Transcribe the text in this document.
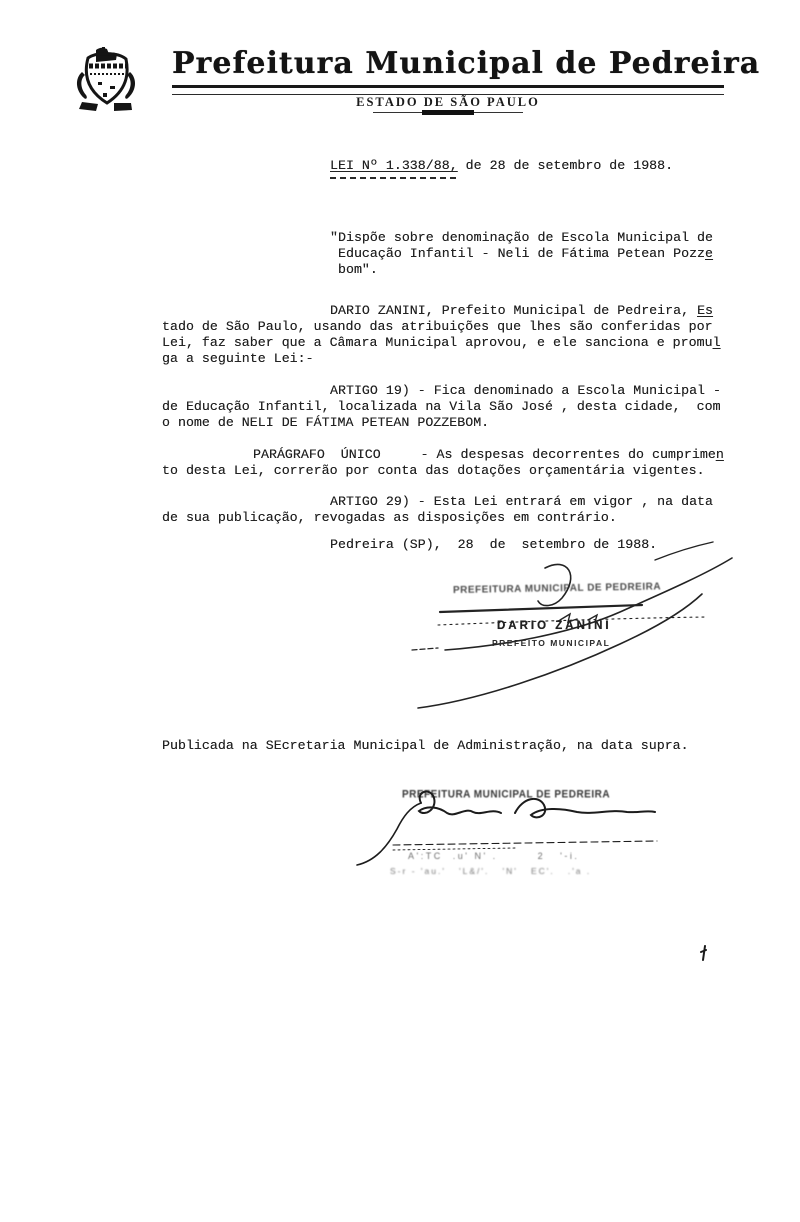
Prefeitura Municipal de Pedreira
ESTADO DE SÃO PAULO
LEI Nº 1.338/88, de 28 de setembro de 1988.
"Dispõe sobre denominação de Escola Municipal de
Educação Infantil - Neli de Fátima Petean Pozze
bom".
DARIO ZANINI, Prefeito Municipal de Pedreira, Es
tado de São Paulo, usando das atribuições que lhes são conferidas por
Lei, faz saber que a Câmara Municipal aprovou, e ele sanciona e promul
ga a seguinte Lei:-
ARTIGO 19) - Fica denominado a Escola Municipal -
de Educação Infantil, localizada na Vila São José , desta cidade,  com
o nome de NELI DE FÁTIMA PETEAN POZZEBOM.
PARÁGRAFO  ÚNICO     - As despesas decorrentes do cumprimen
to desta Lei, correrão por conta das dotações orçamentária vigentes.
ARTIGO 29) - Esta Lei entrará em vigor , na data
de sua publicação, revogadas as disposições em contrário.
Pedreira (SP),  28  de  setembro de 1988.
PREFEITURA MUNICIPAL DE PEDREIRA
DARIO ZANINI
PREFEITO MUNICIPAL
Publicada na SEcretaria Municipal de Administração, na data supra.
PREFEITURA MUNICIPAL DE PEDREIRA
A':TC  .u' N' .        2   '-i.
S-r - 'au.'   'L&/'.   'N'   EC'.   .'a .
